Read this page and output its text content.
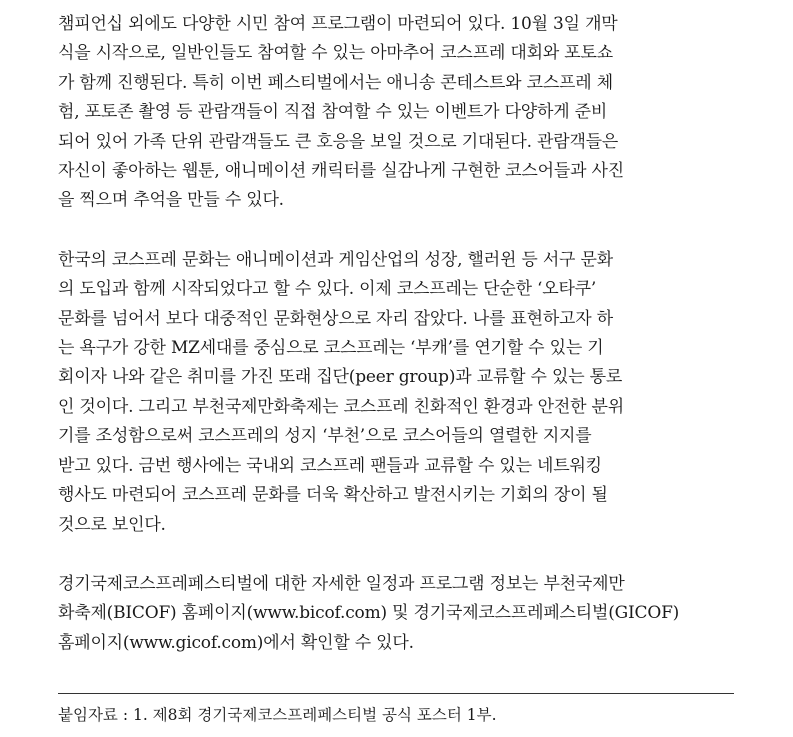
챔피언십 외에도 다양한 시민 참여 프로그램이 마련되어 있다. 10월 3일 개막

식을 시작으로, 일반인들도 참여할 수 있는 아마추어 코스프레 대회와 포토쇼

가 함께 진행된다. 특히 이번 페스티벌에서는 애니송 콘테스트와 코스프레 체

험, 포토존 촬영 등 관람객들이 직접 참여할 수 있는 이벤트가 다양하게 준비

되어 있어 가족 단위 관람객들도 큰 호응을 보일 것으로 기대된다. 관람객들은

자신이 좋아하는 웹툰, 애니메이션 캐릭터를 실감나게 구현한 코스어들과 사진

을 찍으며 추억을 만들 수 있다.

한국의 코스프레 문화는 애니메이션과 게임산업의 성장, 핼러윈 등 서구 문화

의 도입과 함께 시작되었다고 할 수 있다. 이제 코스프레는 단순한 ‘오타쿠’

문화를 넘어서 보다 대중적인 문화현상으로 자리 잡았다. 나를 표현하고자 하

는 욕구가 강한 MZ세대를 중심으로 코스프레는 ‘부캐’를 연기할 수 있는 기

회이자 나와 같은 취미를 가진 또래 집단(peer group)과 교류할 수 있는 통로

인 것이다. 그리고 부천국제만화축제는 코스프레 친화적인 환경과 안전한 분위

기를 조성함으로써 코스프레의 성지 ‘부천’으로 코스어들의 열렬한 지지를

받고 있다. 금번 행사에는 국내외 코스프레 팬들과 교류할 수 있는 네트워킹

행사도 마련되어 코스프레 문화를 더욱 확산하고 발전시키는 기회의 장이 될

것으로 보인다.

경기국제코스프레페스티벌에 대한 자세한 일정과 프로그램 정보는 부천국제만

화축제(BICOF) 홈페이지(www.bicof.com) 및 경기국제코스프레페스티벌(GICOF)

홈페이지(www.gicof.com)에서 확인할 수 있다.

붙임자료 : 1. 제8회 경기국제코스프레페스티벌 공식 포스터 1부.
